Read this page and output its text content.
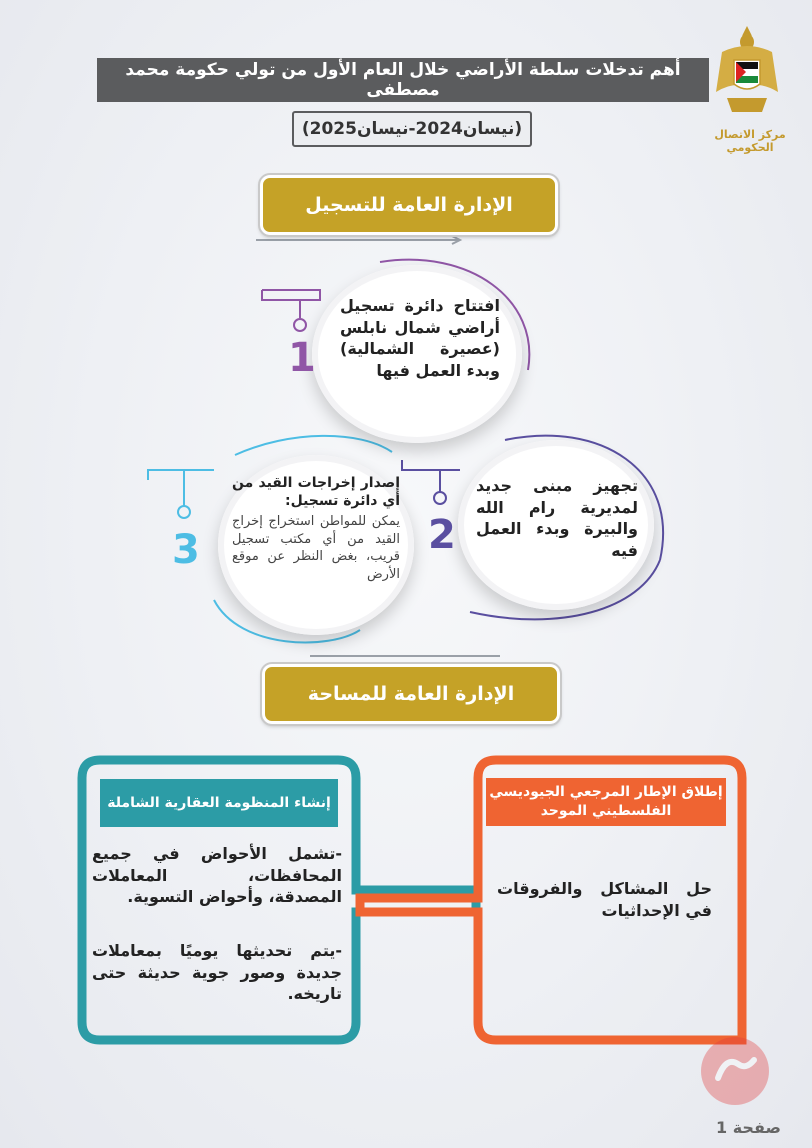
أهم تدخلات سلطة الأراضي خلال العام الأول من تولي حكومة محمد مصطفى
(نيسان2024-نيسان2025)	مركز الاتصال الحكومي
الإدارة العامة للتسجيل
افتتاح دائرة تسجيل أراضي شمال نابلس (عصيرة الشمالية) وبدء العمل فيها
1
تجهيز مبنى جديد لمديرية رام الله والبيرة وبدء العمل فيه
2
إصدار إخراجات القيد من أي دائرة تسجيل:
يمكن للمواطن استخراج إخراج القيد من أي مكتب تسجيل قريب، بغض النظر عن موقع الأرض
3
الإدارة العامة للمساحة
إنشاء المنظومة العقارية الشاملة
-تشمل الأحواض في جميع المحافظات، المعاملات المصدقة، وأحواض التسوية.
-يتم تحديثها يوميًا بمعاملات جديدة وصور جوية حديثة حتى تاريخه.
إطلاق الإطار المرجعي الجيوديسي الفلسطيني الموحد
حل المشاكل والفروقات في الإحداثيات
صفحة 1
